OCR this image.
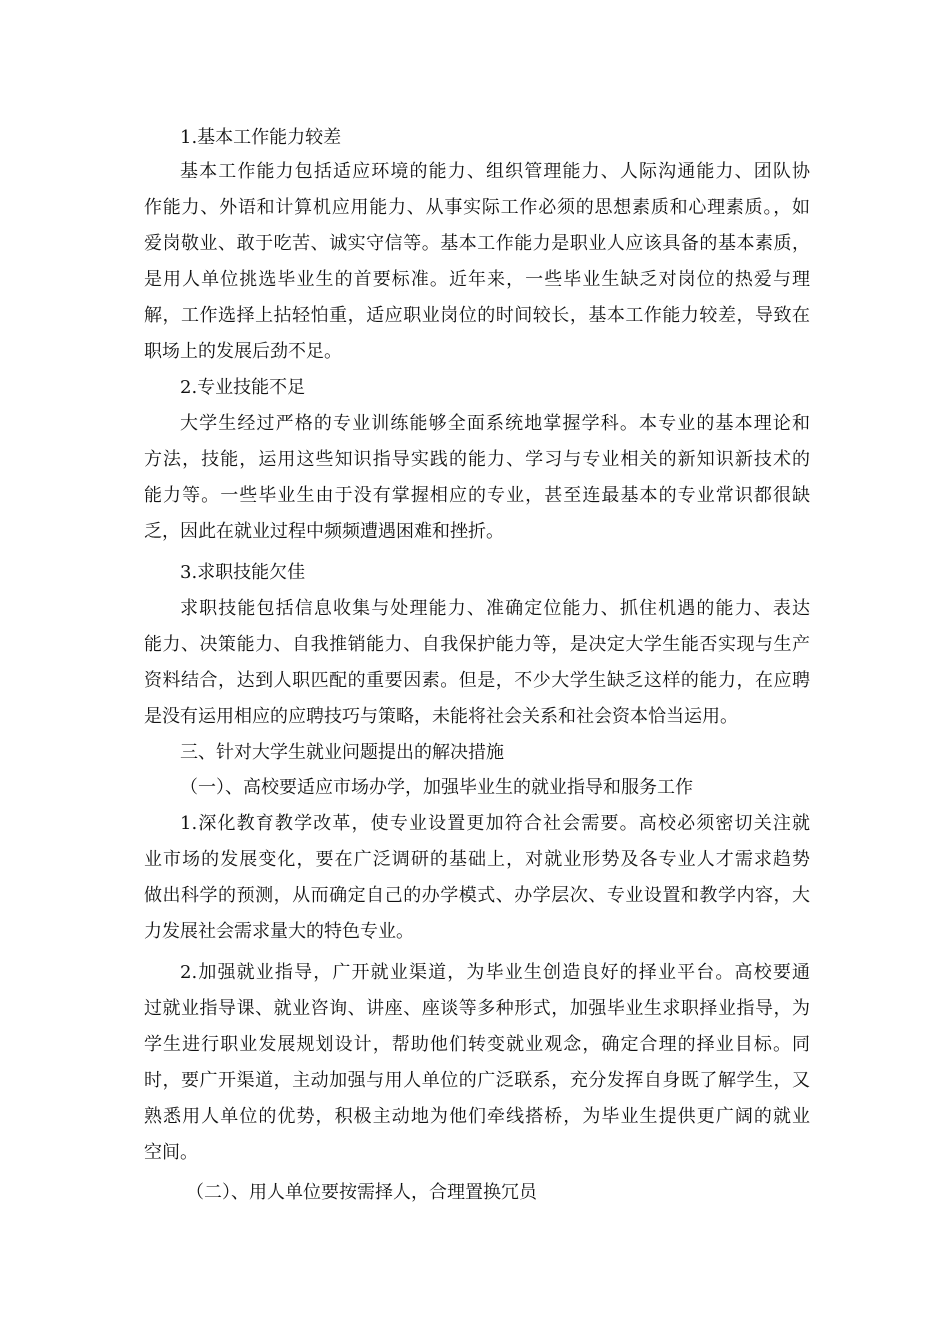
1.基本工作能力较差
基本工作能力包括适应环境的能力、组织管理能力、人际沟通能力、团队协
作能力、外语和计算机应用能力、从事实际工作必须的思想素质和心理素质。，如
爱岗敬业、敢于吃苦、诚实守信等。基本工作能力是职业人应该具备的基本素质，
是用人单位挑选毕业生的首要标准。近年来，一些毕业生缺乏对岗位的热爱与理
解，工作选择上拈轻怕重，适应职业岗位的时间较长，基本工作能力较差，导致在
职场上的发展后劲不足。
2.专业技能不足
大学生经过严格的专业训练能够全面系统地掌握学科。本专业的基本理论和
方法，技能，运用这些知识指导实践的能力、学习与专业相关的新知识新技术的
能力等。一些毕业生由于没有掌握相应的专业，甚至连最基本的专业常识都很缺
乏，因此在就业过程中频频遭遇困难和挫折。
3.求职技能欠佳
求职技能包括信息收集与处理能力、准确定位能力、抓住机遇的能力、表达
能力、决策能力、自我推销能力、自我保护能力等，是决定大学生能否实现与生产
资料结合，达到人职匹配的重要因素。但是，不少大学生缺乏这样的能力，在应聘
是没有运用相应的应聘技巧与策略，未能将社会关系和社会资本恰当运用。
三、针对大学生就业问题提出的解决措施
（一）、高校要适应市场办学，加强毕业生的就业指导和服务工作
1.深化教育教学改革，使专业设置更加符合社会需要。高校必须密切关注就
业市场的发展变化，要在广泛调研的基础上，对就业形势及各专业人才需求趋势
做出科学的预测，从而确定自己的办学模式、办学层次、专业设置和教学内容，大
力发展社会需求量大的特色专业。
2.加强就业指导，广开就业渠道，为毕业生创造良好的择业平台。高校要通
过就业指导课、就业咨询、讲座、座谈等多种形式，加强毕业生求职择业指导，为
学生进行职业发展规划设计，帮助他们转变就业观念，确定合理的择业目标。同
时，要广开渠道，主动加强与用人单位的广泛联系，充分发挥自身既了解学生，又
熟悉用人单位的优势，积极主动地为他们牵线搭桥，为毕业生提供更广阔的就业
空间。
（二）、用人单位要按需择人，合理置换冗员
